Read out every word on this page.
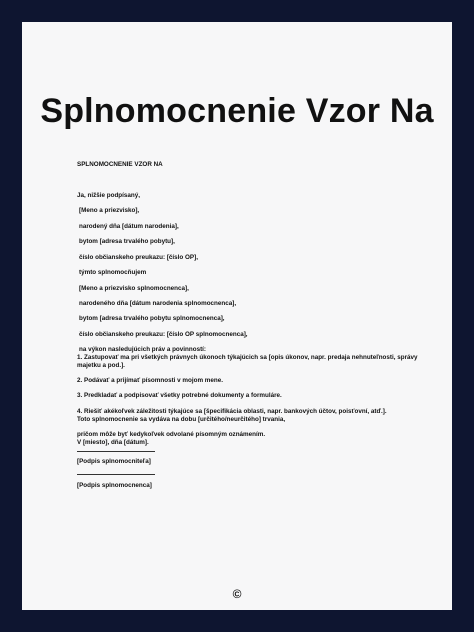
Splnomocnenie Vzor Na
SPLNOMOCNENIE VZOR NA
Ja, nižšie podpísaný,
[Meno a priezvisko],
narodený dňa [dátum narodenia],
bytom [adresa trvalého pobytu],
číslo občianskeho preukazu: [číslo OP],
týmto splnomocňujem
[Meno a priezvisko splnomocnenca],
narodeného dňa [dátum narodenia splnomocnenca],
bytom [adresa trvalého pobytu splnomocnenca],
číslo občianskeho preukazu: [číslo OP splnomocnenca],
na výkon nasledujúcich práv a povinností:
1. Zastupovať ma pri všetkých právnych úkonoch týkajúcich sa [opis úkonov, napr. predaja nehnuteľnosti, správy majetku a pod.].
2. Podávať a prijímať písomnosti v mojom mene.
3. Predkladať a podpisovať všetky potrebné dokumenty a formuláre.
4. Riešiť akékoľvek záležitosti týkajúce sa [špecifikácia oblasti, napr. bankových účtov, poisťovní, atď.].
Toto splnomocnenie sa vydáva na dobu [určitého/neurčitého] trvania,
pričom môže byť kedykoľvek odvolané písomným oznámením.
V [miesto], dňa [dátum].
[Podpis splnomocniteľa]
[Podpis splnomocnenca]
©
